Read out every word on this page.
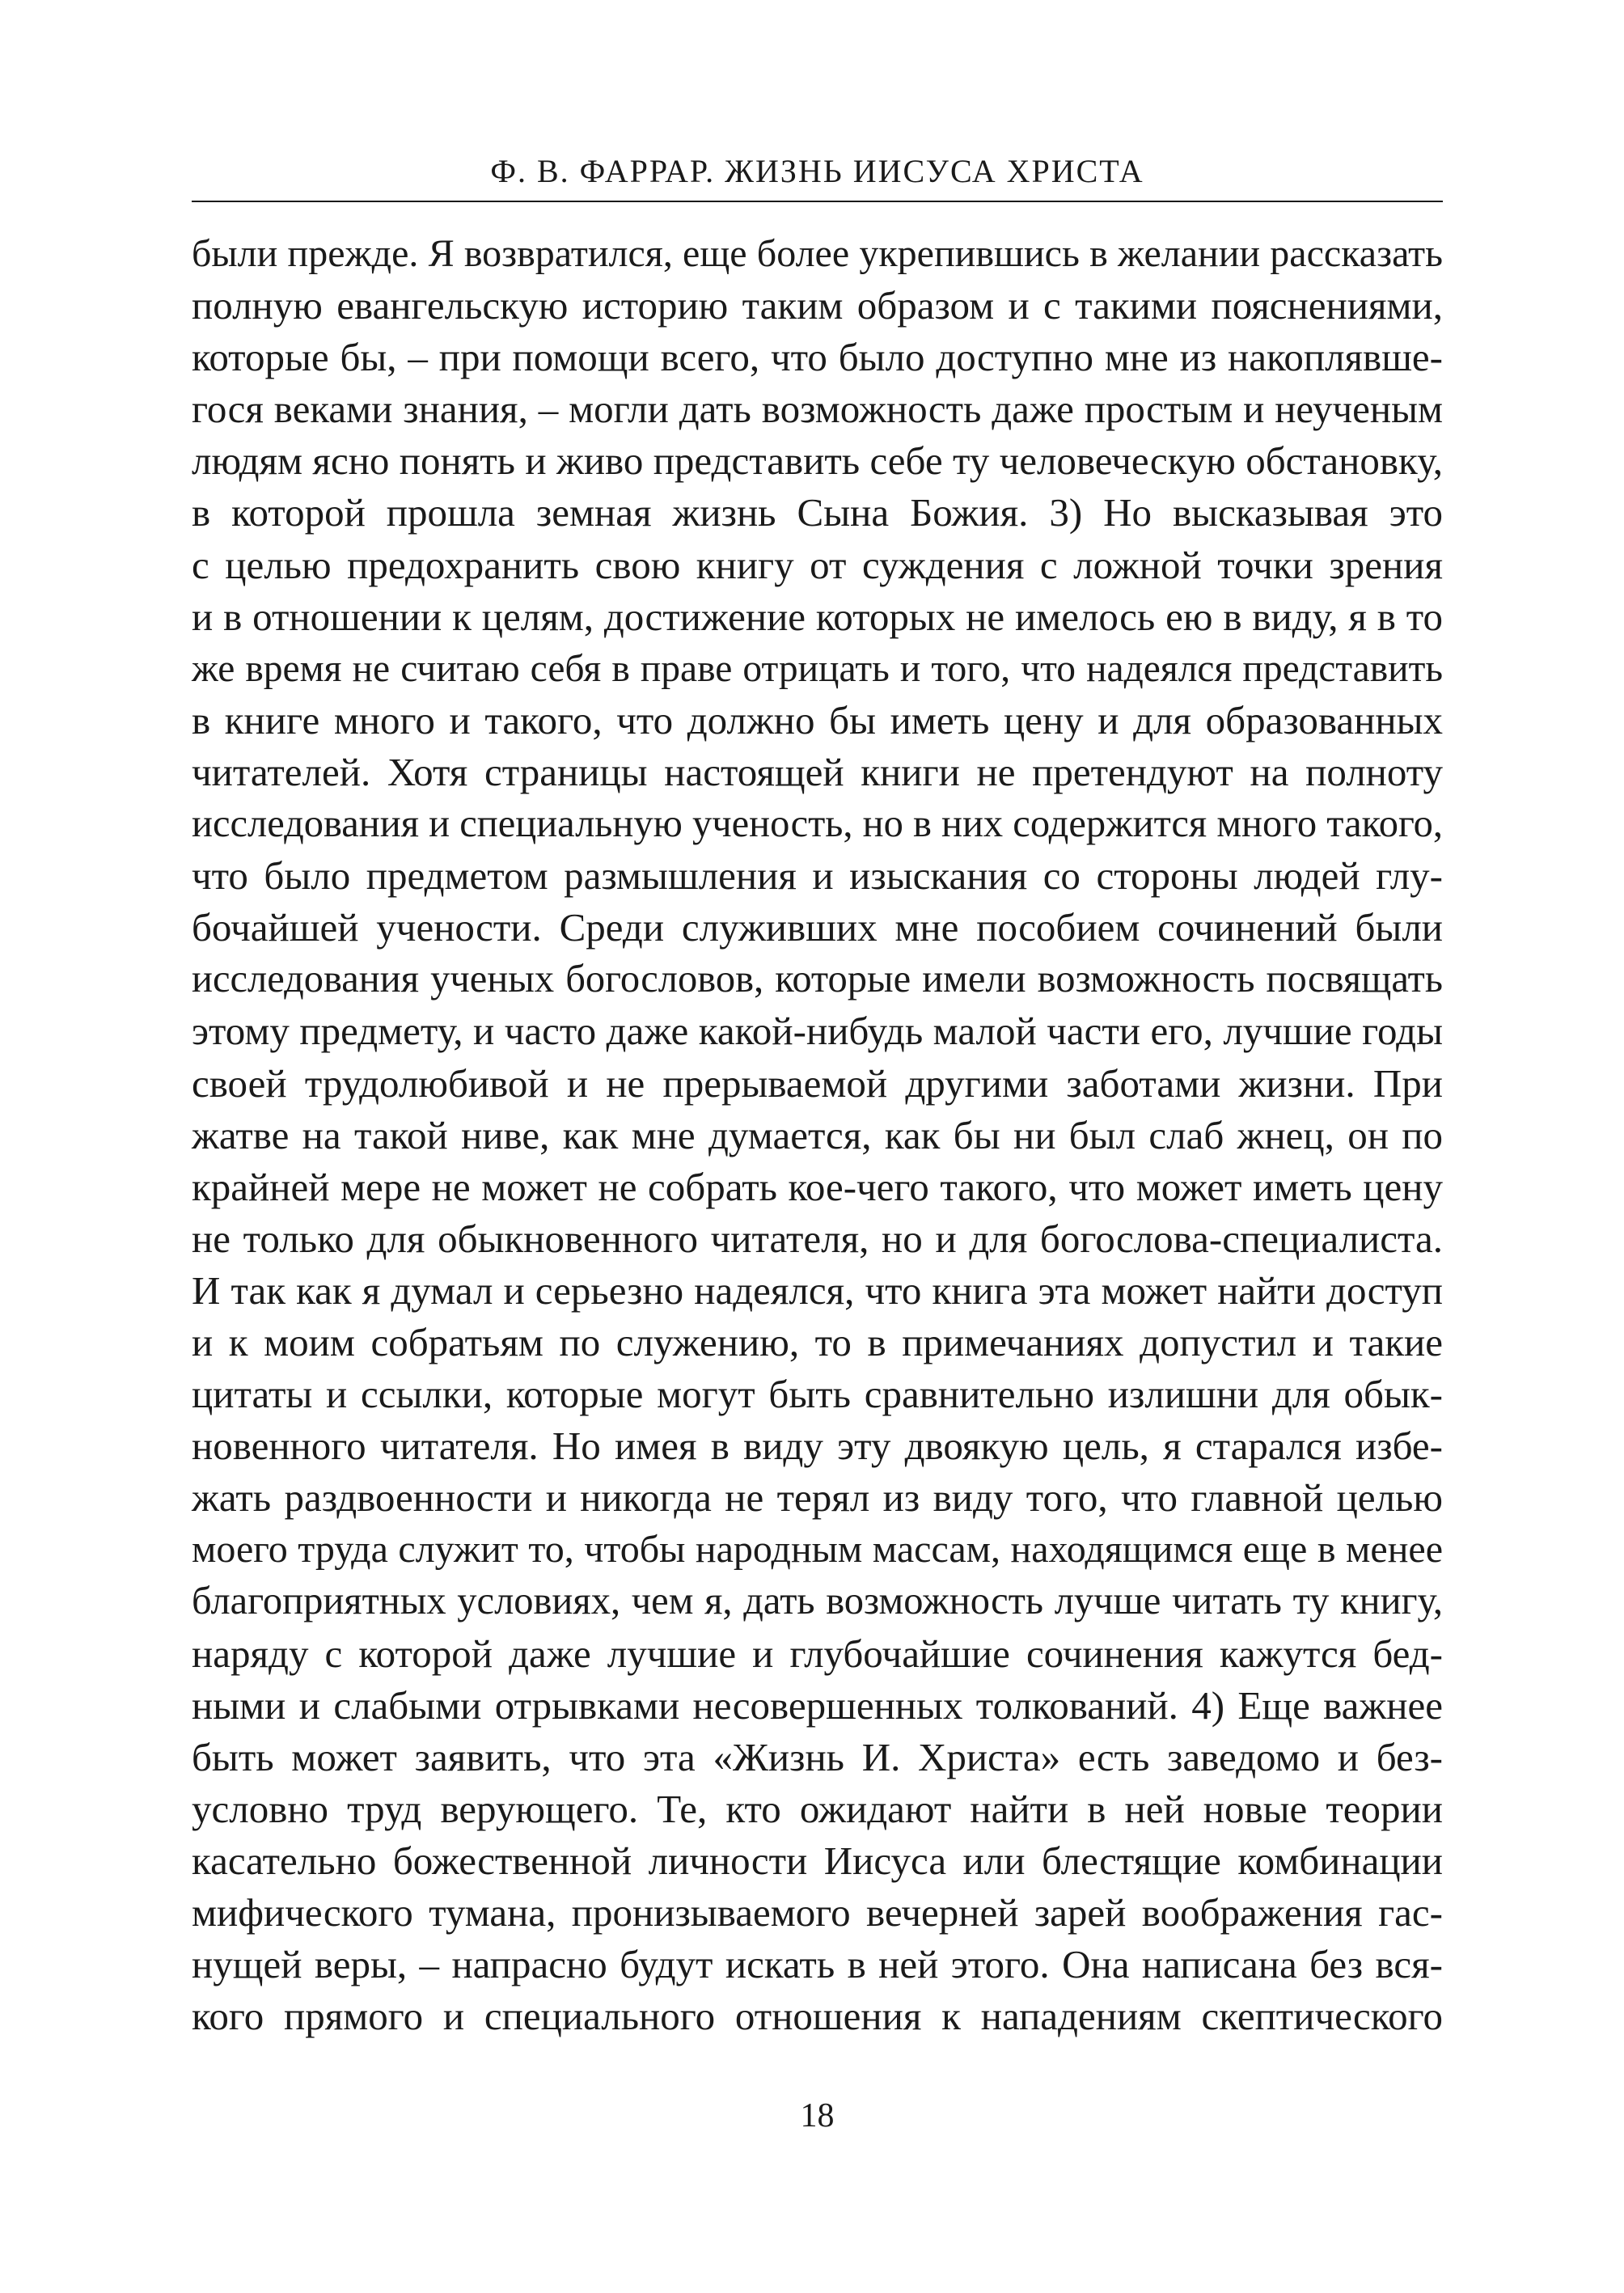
Ф. В. ФАРРАР. ЖИЗНЬ ИИСУСА ХРИСТА
были прежде. Я возвратился, еще более укрепившись в желании рассказать
полную евангельскую историю таким образом и с такими пояснениями,
которые бы, – при помощи всего, что было доступно мне из накоплявше-
гося веками знания, – могли дать возможность даже простым и неученым
людям ясно понять и живо представить себе ту человеческую обстановку,
в которой прошла земная жизнь Сына Божия. 3) Но высказывая это
с целью предохранить свою книгу от суждения с ложной точки зрения
и в отношении к целям, достижение которых не имелось ею в виду, я в то
же время не считаю себя в праве отрицать и того, что надеялся представить
в книге много и такого, что должно бы иметь цену и для образованных
читателей. Хотя страницы настоящей книги не претендуют на полноту
исследования и специальную ученость, но в них содержится много такого,
что было предметом размышления и изыскания со стороны людей глу-
бочайшей учености. Среди служивших мне пособием сочинений были
исследования ученых богословов, которые имели возможность посвящать
этому предмету, и часто даже какой-нибудь малой части его, лучшие годы
своей трудолюбивой и не прерываемой другими заботами жизни. При
жатве на такой ниве, как мне думается, как бы ни был слаб жнец, он по
крайней мере не может не собрать кое-чего такого, что может иметь цену
не только для обыкновенного читателя, но и для богослова-специалиста.
И так как я думал и серьезно надеялся, что книга эта может найти доступ
и к моим собратьям по служению, то в примечаниях допустил и такие
цитаты и ссылки, которые могут быть сравнительно излишни для обык-
новенного читателя. Но имея в виду эту двоякую цель, я старался избе-
жать раздвоенности и никогда не терял из виду того, что главной целью
моего труда служит то, чтобы народным массам, находящимся еще в менее
благоприятных условиях, чем я, дать возможность лучше читать ту книгу,
наряду с которой даже лучшие и глубочайшие сочинения кажутся бед-
ными и слабыми отрывками несовершенных толкований. 4) Еще важнее
быть может заявить, что эта «Жизнь И. Христа» есть заведомо и без-
условно труд верующего. Те, кто ожидают найти в ней новые теории
касательно божественной личности Иисуса или блестящие комбинации
мифического тумана, пронизываемого вечерней зарей воображения гас-
нущей веры, – напрасно будут искать в ней этого. Она написана без вся-
кого прямого и специального отношения к нападениям скептического
18
